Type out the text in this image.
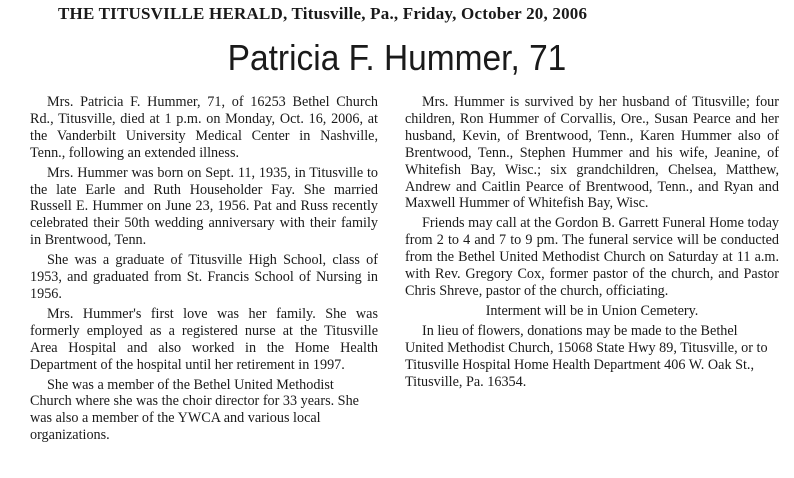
THE TITUSVILLE HERALD, Titusville, Pa., Friday, October 20, 2006
Patricia F. Hummer, 71

Mrs. Patricia F. Hummer, 71, of 16253 Bethel Church Rd., Titusville, died at 1 p.m. on Monday, Oct. 16, 2006, at the Vanderbilt University Medical Center in Nashville, Tenn., following an extended illness.

Mrs. Hummer was born on Sept. 11, 1935, in Titusville to the late Earle and Ruth Householder Fay. She married Russell E. Hummer on June 23, 1956. Pat and Russ recently celebrated their 50th wedding anniversary with their family in Brentwood, Tenn.

She was a graduate of Titusville High School, class of 1953, and graduated from St. Francis School of Nursing in 1956.

Mrs. Hummer's first love was her family. She was formerly employed as a registered nurse at the Titusville Area Hospital and also worked in the Home Health Department of the hospital until her retirement in 1997.

She was a member of the Bethel United Methodist Church where she was the choir director for 33 years. She was also a member of the YWCA and various local organizations.

Mrs. Hummer is survived by her husband of Titusville; four children, Ron Hummer of Corvallis, Ore., Susan Pearce and her husband, Kevin, of Brentwood, Tenn., Karen Hummer also of Brentwood, Tenn., Stephen Hummer and his wife, Jeanine, of Whitefish Bay, Wisc.; six grandchildren, Chelsea, Matthew, Andrew and Caitlin Pearce of Brentwood, Tenn., and Ryan and Maxwell Hummer of Whitefish Bay, Wisc.

Friends may call at the Gordon B. Garrett Funeral Home today from 2 to 4 and 7 to 9 pm. The funeral service will be conducted from the Bethel United Methodist Church on Saturday at 11 a.m. with Rev. Gregory Cox, former pastor of the church, and Pastor Chris Shreve, pastor of the church, officiating.

Interment will be in Union Cemetery.

In lieu of flowers, donations may be made to the Bethel United Methodist Church, 15068 State Hwy 89, Titusville, or to Titusville Hospital Home Health Department 406 W. Oak St., Titusville, Pa. 16354.
